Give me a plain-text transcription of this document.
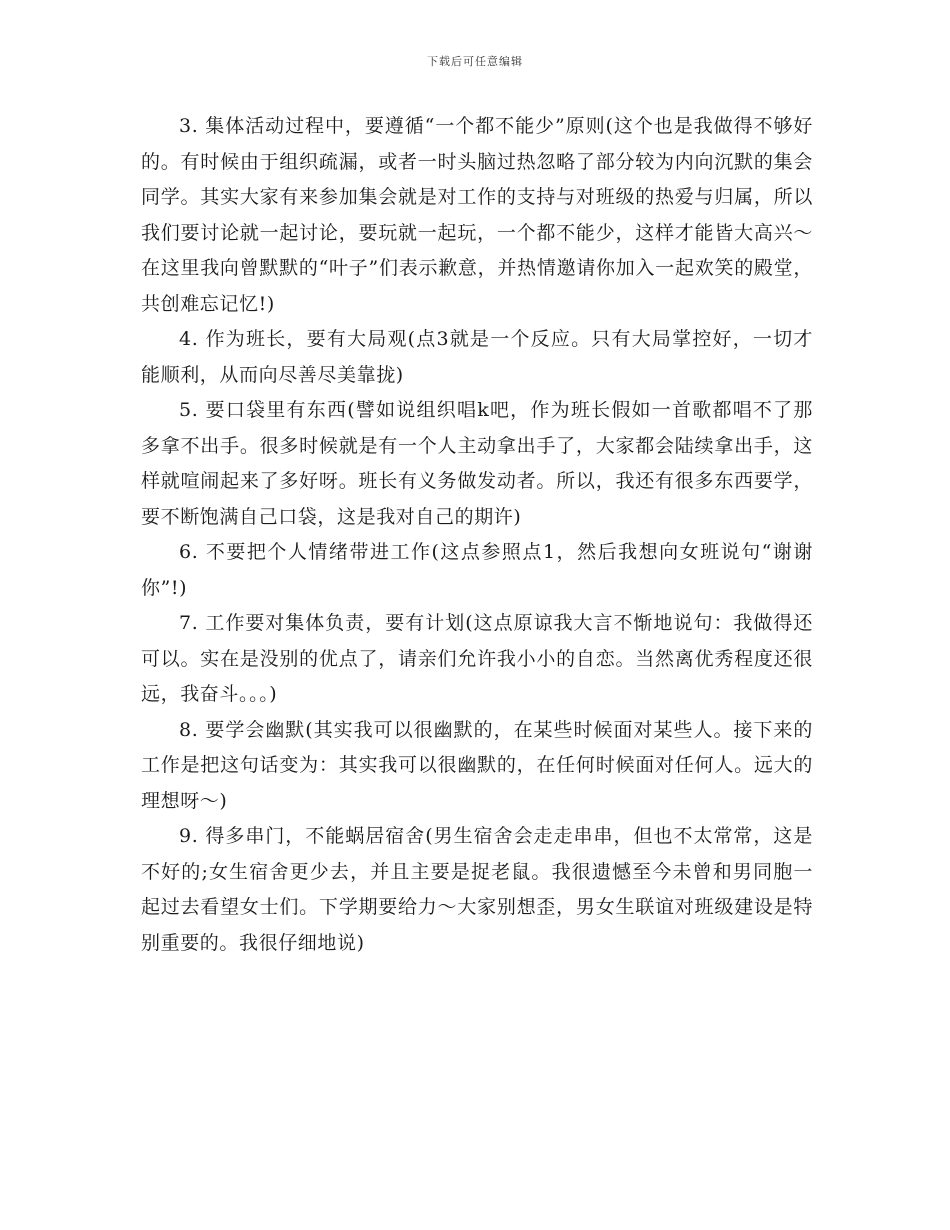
下载后可任意编辑

3. 集体活动过程中，要遵循“一个都不能少”原则(这个也是我做得不够好的。有时候由于组织疏漏，或者一时头脑过热忽略了部分较为内向沉默的集会同学。其实大家有来参加集会就是对工作的支持与对班级的热爱与归属，所以我们要讨论就一起讨论，要玩就一起玩，一个都不能少，这样才能皆大高兴～在这里我向曾默默的“叶子”们表示歉意，并热情邀请你加入一起欢笑的殿堂，共创难忘记忆!)

4. 作为班长，要有大局观(点3就是一个反应。只有大局掌控好，一切才能顺利，从而向尽善尽美靠拢)

5. 要口袋里有东西(譬如说组织唱k吧，作为班长假如一首歌都唱不了那多拿不出手。很多时候就是有一个人主动拿出手了，大家都会陆续拿出手，这样就喧闹起来了多好呀。班长有义务做发动者。所以，我还有很多东西要学，要不断饱满自己口袋，这是我对自己的期许)

6. 不要把个人情绪带进工作(这点参照点1，然后我想向女班说句“谢谢你”!)

7. 工作要对集体负责，要有计划(这点原谅我大言不惭地说句：我做得还可以。实在是没别的优点了，请亲们允许我小小的自恋。当然离优秀程度还很远，我奋斗。。。)

8. 要学会幽默(其实我可以很幽默的，在某些时候面对某些人。接下来的工作是把这句话变为：其实我可以很幽默的，在任何时候面对任何人。远大的理想呀～)

9. 得多串门，不能蜗居宿舍(男生宿舍会走走串串，但也不太常常，这是不好的;女生宿舍更少去，并且主要是捉老鼠。我很遗憾至今未曾和男同胞一起过去看望女士们。下学期要给力～大家别想歪，男女生联谊对班级建设是特别重要的。我很仔细地说)
